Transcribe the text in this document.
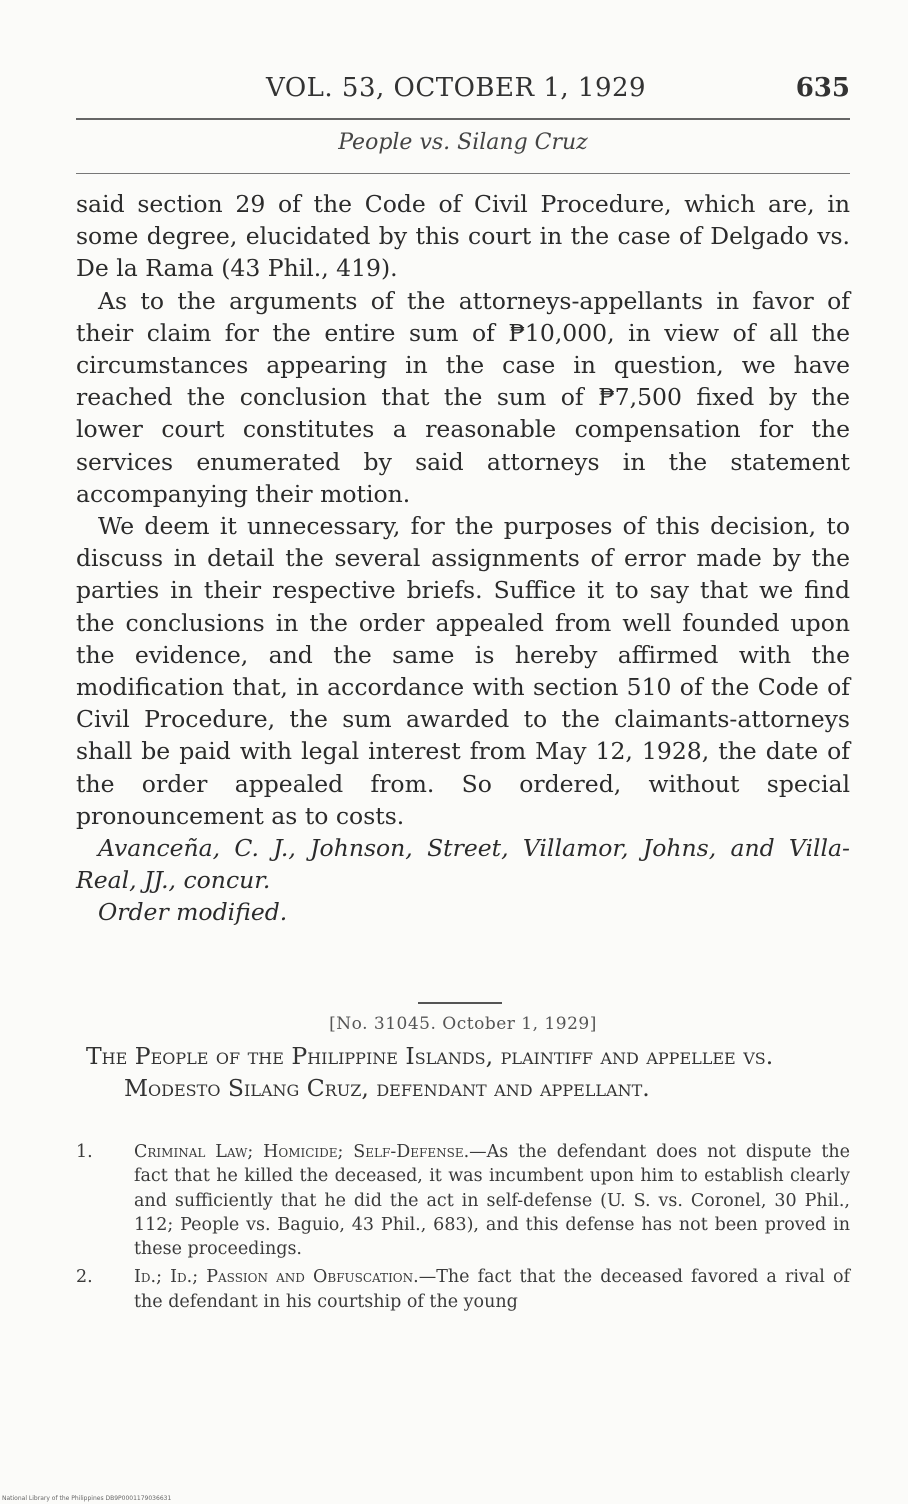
VOL. 53, OCTOBER 1, 1929	635
People vs. Silang Cruz

said section 29 of the Code of Civil Procedure, which are, in some degree, elucidated by this court in the case of Delgado vs. De la Rama (43 Phil., 419).

As to the arguments of the attorneys-appellants in favor of their claim for the entire sum of ₱10,000, in view of all the circumstances appearing in the case in question, we have reached the conclusion that the sum of ₱7,500 fixed by the lower court constitutes a reasonable compensation for the services enumerated by said attorneys in the statement accompanying their motion.

We deem it unnecessary, for the purposes of this decision, to discuss in detail the several assignments of error made by the parties in their respective briefs. Suffice it to say that we find the conclusions in the order appealed from well founded upon the evidence, and the same is hereby affirmed with the modification that, in accordance with section 510 of the Code of Civil Procedure, the sum awarded to the claimants-attorneys shall be paid with legal interest from May 12, 1928, the date of the order appealed from. So ordered, without special pronouncement as to costs.

Avanceña, C. J., Johnson, Street, Villamor, Johns, and Villa-Real, JJ., concur.

Order modified.

[No. 31045. October 1, 1929]
The People of the Philippine Islands, plaintiff and appellee vs. Modesto Silang Cruz, defendant and appellant.
1. Criminal Law; Homicide; Self-Defense.—As the defendant does not dispute the fact that he killed the deceased, it was incumbent upon him to establish clearly and sufficiently that he did the act in self-defense (U. S. vs. Coronel, 30 Phil., 112; People vs. Baguio, 43 Phil., 683), and this defense has not been proved in these proceedings.
2. Id.; Id.; Passion and Obfuscation.—The fact that the deceased favored a rival of the defendant in his courtship of the young
National Library of the Philippines DB9P0001179036631
